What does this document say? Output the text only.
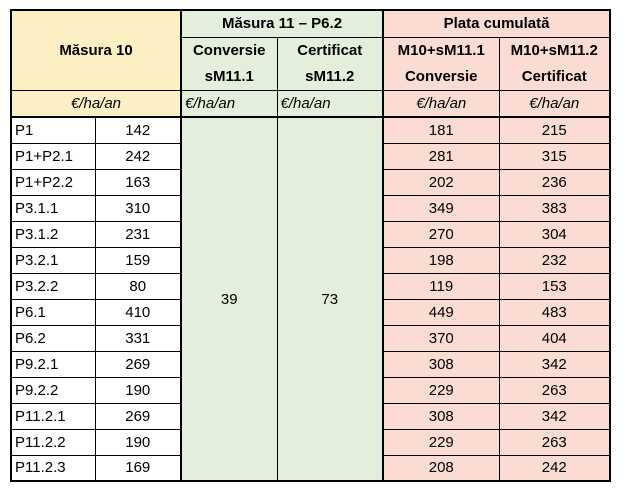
Măsura 10		Măsura 11 – P6.2		Plata cumulată	
		Conversie	Certificat	M10+sM11.1	M10+sM11.2
		sM11.1	sM11.2	Conversie	Certificat
€/ha/an		€/ha/an	€/ha/an	€/ha/an	€/ha/an
P1	142	39	73	181	215
P1+P2.1	242			281	315
P1+P2.2	163			202	236
P3.1.1	310			349	383
P3.1.2	231			270	304
P3.2.1	159			198	232
P3.2.2	80			119	153
P6.1	410			449	483
P6.2	331			370	404
P9.2.1	269			308	342
P9.2.2	190			229	263
P11.2.1	269			308	342
P11.2.2	190			229	263
P11.2.3	169			208	242
